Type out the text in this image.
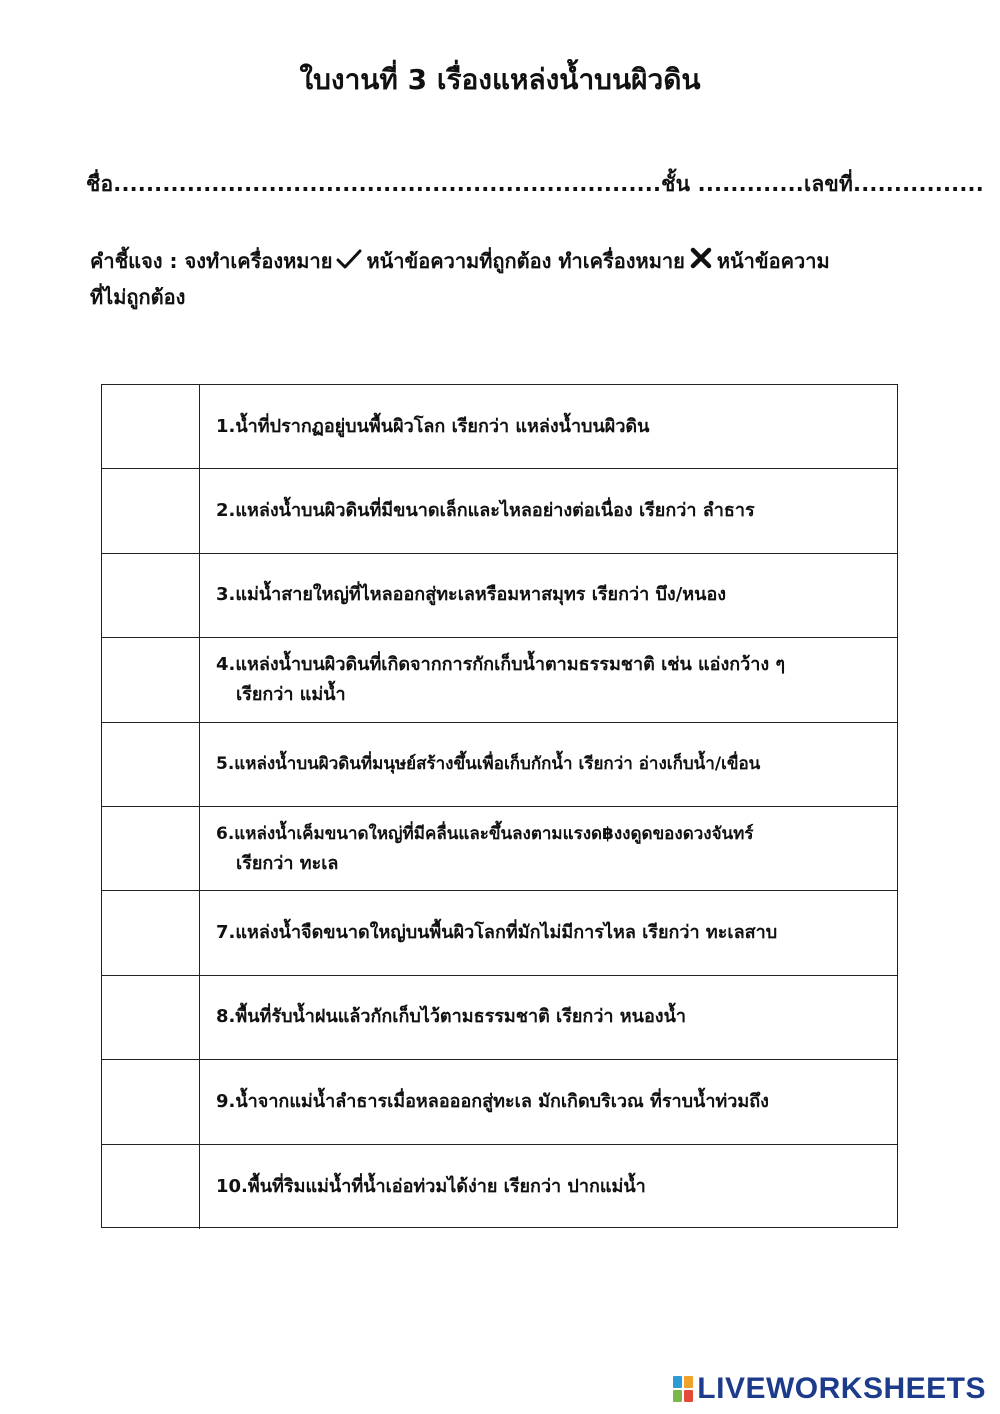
ใบงานที่ 3 เรื่องแหล่งน้ำบนผิวดิน
ชื่อ...................................................................ชั้น .............เลขที่................
คำชี้แจง : จงทำเครื่องหมาย หน้าข้อความที่ถูกต้อง ทำเครื่องหมาย หน้าข้อความ
ที่ไม่ถูกต้อง
1.น้ำที่ปรากฏอยู่บนพื้นผิวโลก เรียกว่า แหล่งน้ำบนผิวดิน
2.แหล่งน้ำบนผิวดินที่มีขนาดเล็กและไหลอย่างต่อเนื่อง เรียกว่า ลำธาร
3.แม่น้ำสายใหญ่ที่ไหลออกสู่ทะเลหรือมหาสมุทร เรียกว่า บึง/หนอง
4.แหล่งน้ำบนผิวดินที่เกิดจากการกักเก็บน้ำตามธรรมชาติ เช่น แอ่งกว้าง ๆ
เรียกว่า แม่น้ำ
5.แหล่งน้ำบนผิวดินที่มนุษย์สร้างขึ้นเพื่อเก็บกักน้ำ เรียกว่า อ่างเก็บน้ำ/เขื่อน
6.แหล่งน้ำเค็มขนาดใหญ่ที่มีคลื่นและขึ้นลงตามแรงด฿งงดูดของดวงจันทร์
เรียกว่า ทะเล
7.แหล่งน้ำจืดขนาดใหญ่บนพื้นผิวโลกที่มักไม่มีการไหล เรียกว่า ทะเลสาบ
8.พื้นที่รับน้ำฝนแล้วกักเก็บไว้ตามธรรมชาติ เรียกว่า หนองน้ำ
9.น้ำจากแม่น้ำลำธารเมื่อหลอออกสู่ทะเล มักเกิดบริเวณ ที่ราบน้ำท่วมถึง
10.พื้นที่ริมแม่น้ำที่น้ำเอ่อท่วมได้ง่าย เรียกว่า ปากแม่น้ำ
LIVEWORKSHEETS
